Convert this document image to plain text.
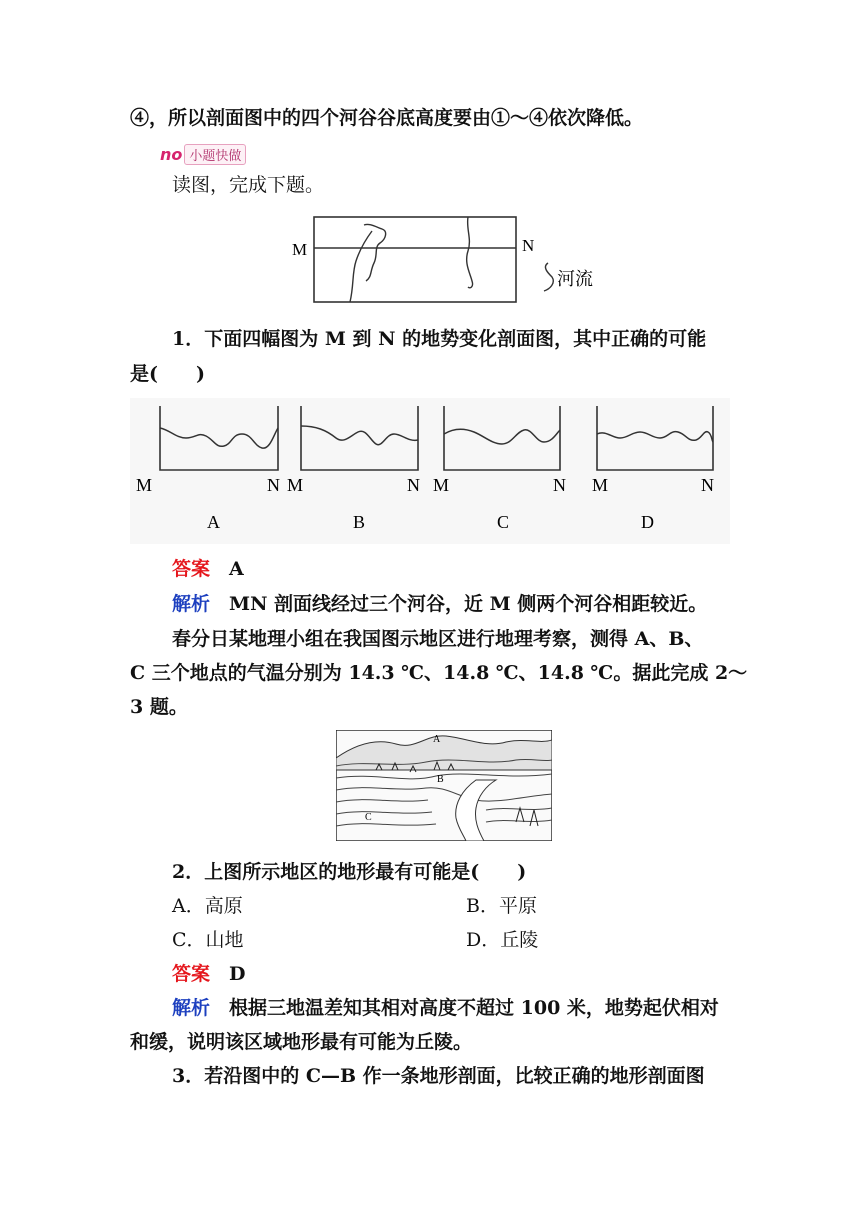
④，所以剖面图中的四个河谷谷底高度要由①～④依次降低。
no 小题快做
读图，完成下题。
M	N
河流
1．下面四幅图为 M 到 N 的地势变化剖面图，其中正确的可能
是(　　)
M	N
A
M	N
B
M	N
C
M	N
D
答案　 A
解析　 MN 剖面线经过三个河谷，近 M 侧两个河谷相距较近。
春分日某地理小组在我国图示地区进行地理考察，测得 A、B、
C 三个地点的气温分别为 14.3 ℃、14.8 ℃、14.8 ℃。据此完成 2～
3 题。
A
B
C
2．上图所示地区的地形最有可能是(　　)
A．高原	B．平原
C．山地	D．丘陵
答案　 D
解析　 根据三地温差知其相对高度不超过 100 米，地势起伏相对
和缓，说明该区域地形最有可能为丘陵。
3．若沿图中的 C—B 作一条地形剖面，比较正确的地形剖面图
